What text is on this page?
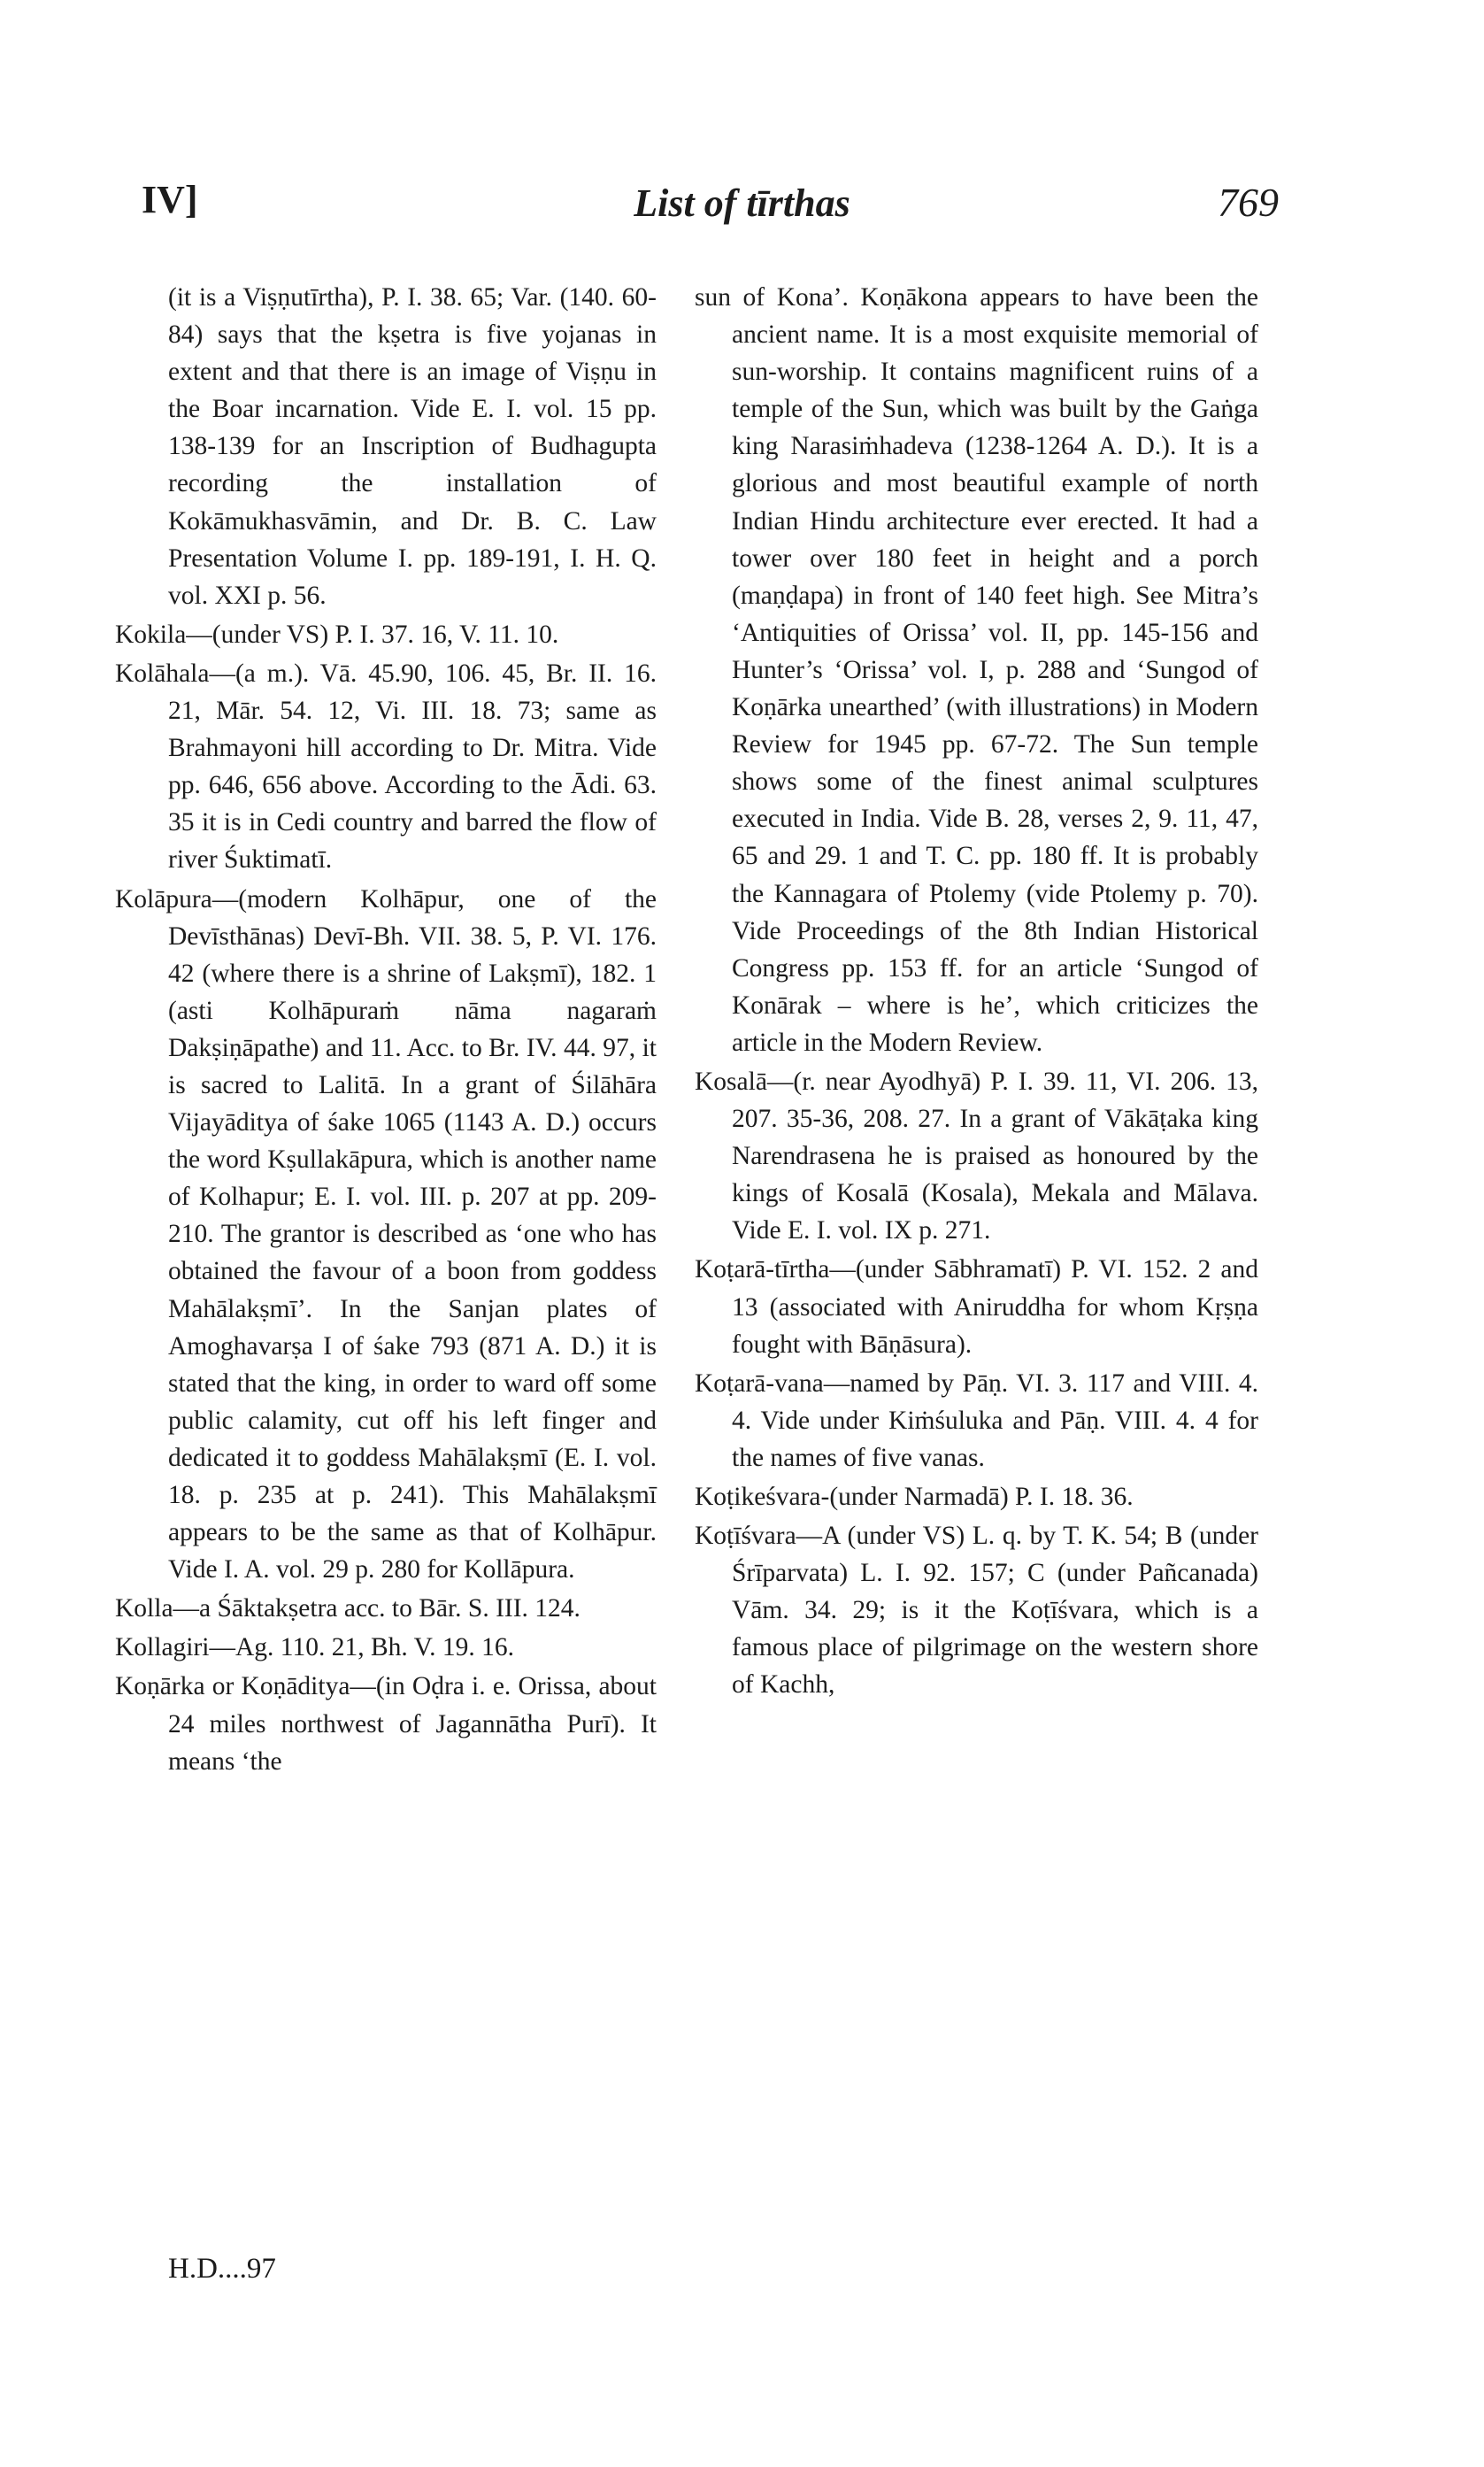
IV]	List of tīrthas	769

(it is a Viṣṇutīrtha), P. I. 38. 65; Var. (140. 60-84) says that the kṣetra is five yojanas in extent and that there is an image of Viṣṇu in the Boar incarnation. Vide E. I. vol. 15 pp. 138-139 for an Inscription of Budhagupta recording the installation of Kokāmukhasvāmin, and Dr. B. C. Law Presentation Volume I. pp. 189-191, I. H. Q. vol. XXI p. 56.

Kokila—(under VS) P. I. 37. 16, V. 11. 10.

Kolāhala—(a m.). Vā. 45.90, 106. 45, Br. II. 16. 21, Mār. 54. 12, Vi. III. 18. 73; same as Brahmayoni hill according to Dr. Mitra. Vide pp. 646, 656 above. According to the Ādi. 63. 35 it is in Cedi country and barred the flow of river Śuktimatī.

Kolāpura—(modern Kolhāpur, one of the Devīsthānas) Devī-Bh. VII. 38. 5, P. VI. 176. 42 (where there is a shrine of Lakṣmī), 182. 1 (asti Kolhāpuraṁ nāma nagaraṁ Dakṣiṇāpathe) and 11. Acc. to Br. IV. 44. 97, it is sacred to Lalitā. In a grant of Śilāhāra Vijayāditya of śake 1065 (1143 A. D.) occurs the word Kṣullakāpura, which is another name of Kolhapur; E. I. vol. III. p. 207 at pp. 209-210. The grantor is described as ‘one who has obtained the favour of a boon from goddess Mahālakṣmī’. In the Sanjan plates of Amoghavarṣa I of śake 793 (871 A. D.) it is stated that the king, in order to ward off some public calamity, cut off his left finger and dedicated it to goddess Mahālakṣmī (E. I. vol. 18. p. 235 at p. 241). This Mahālakṣmī appears to be the same as that of Kolhāpur. Vide I. A. vol. 29 p. 280 for Kollāpura.

Kolla—a Śāktakṣetra acc. to Bār. S. III. 124.

Kollagiri—Ag. 110. 21, Bh. V. 19. 16.

Koṇārka or Koṇāditya—(in Oḍra i. e. Orissa, about 24 miles northwest of Jagannātha Purī). It means ‘the

sun of Kona’. Koṇākona appears to have been the ancient name. It is a most exquisite memorial of sun-worship. It contains magnificent ruins of a temple of the Sun, which was built by the Gaṅga king Narasiṁhadeva (1238-1264 A. D.). It is a glorious and most beautiful example of north Indian Hindu architecture ever erected. It had a tower over 180 feet in height and a porch (maṇḍapa) in front of 140 feet high. See Mitra’s ‘Antiquities of Orissa’ vol. II, pp. 145-156 and Hunter’s ‘Orissa’ vol. I, p. 288 and ‘Sungod of Koṇārka unearthed’ (with illustrations) in Modern Review for 1945 pp. 67-72. The Sun temple shows some of the finest animal sculptures executed in India. Vide B. 28, verses 2, 9. 11, 47, 65 and 29. 1 and T. C. pp. 180 ff. It is probably the Kannagara of Ptolemy (vide Ptolemy p. 70). Vide Proceedings of the 8th Indian Historical Congress pp. 153 ff. for an article ‘Sungod of Konārak – where is he’, which criticizes the article in the Modern Review.

Kosalā—(r. near Ayodhyā) P. I. 39. 11, VI. 206. 13, 207. 35-36, 208. 27. In a grant of Vākāṭaka king Narendrasena he is praised as honoured by the kings of Kosalā (Kosala), Mekala and Mālava. Vide E. I. vol. IX p. 271.

Koṭarā-tīrtha—(under Sābhramatī) P. VI. 152. 2 and 13 (associated with Aniruddha for whom Kṛṣṇa fought with Bāṇāsura).

Koṭarā-vana—named by Pāṇ. VI. 3. 117 and VIII. 4. 4. Vide under Kiṁśuluka and Pāṇ. VIII. 4. 4 for the names of five vanas.

Koṭikeśvara-(under Narmadā) P. I. 18. 36.

Koṭīśvara—A (under VS) L. q. by T. K. 54; B (under Śrīparvata) L. I. 92. 157; C (under Pañcanada) Vām. 34. 29; is it the Koṭīśvara, which is a famous place of pilgrimage on the western shore of Kachh,

H.D....97
